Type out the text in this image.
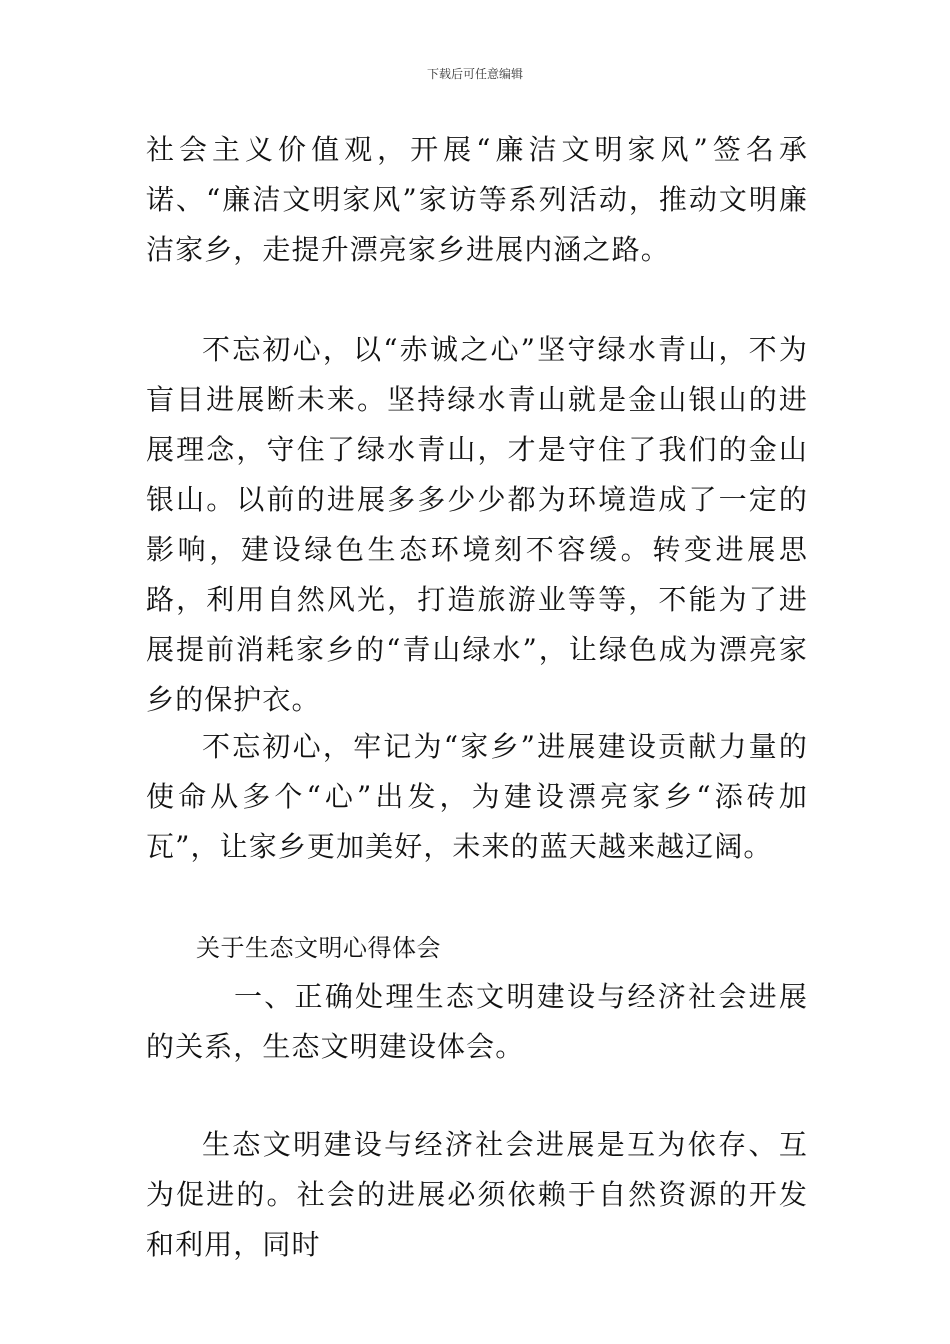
下载后可任意编辑

社会主义价值观，开展“廉洁文明家风”签名承诺、“廉洁文明家风”家访等系列活动，推动文明廉洁家乡，走提升漂亮家乡进展内涵之路。

不忘初心，以“赤诚之心”坚守绿水青山，不为盲目进展断未来。坚持绿水青山就是金山银山的进展理念，守住了绿水青山，才是守住了我们的金山银山。以前的进展多多少少都为环境造成了一定的影响，建设绿色生态环境刻不容缓。转变进展思路，利用自然风光，打造旅游业等等，不能为了进展提前消耗家乡的“青山绿水”，让绿色成为漂亮家乡的保护衣。

不忘初心，牢记为“家乡”进展建设贡献力量的使命从多个“心”出发，为建设漂亮家乡“添砖加瓦”，让家乡更加美好，未来的蓝天越来越辽阔。

关于生态文明心得体会

一、正确处理生态文明建设与经济社会进展的关系，生态文明建设体会。

生态文明建设与经济社会进展是互为依存、互为促进的。社会的进展必须依赖于自然资源的开发和利用，同时
